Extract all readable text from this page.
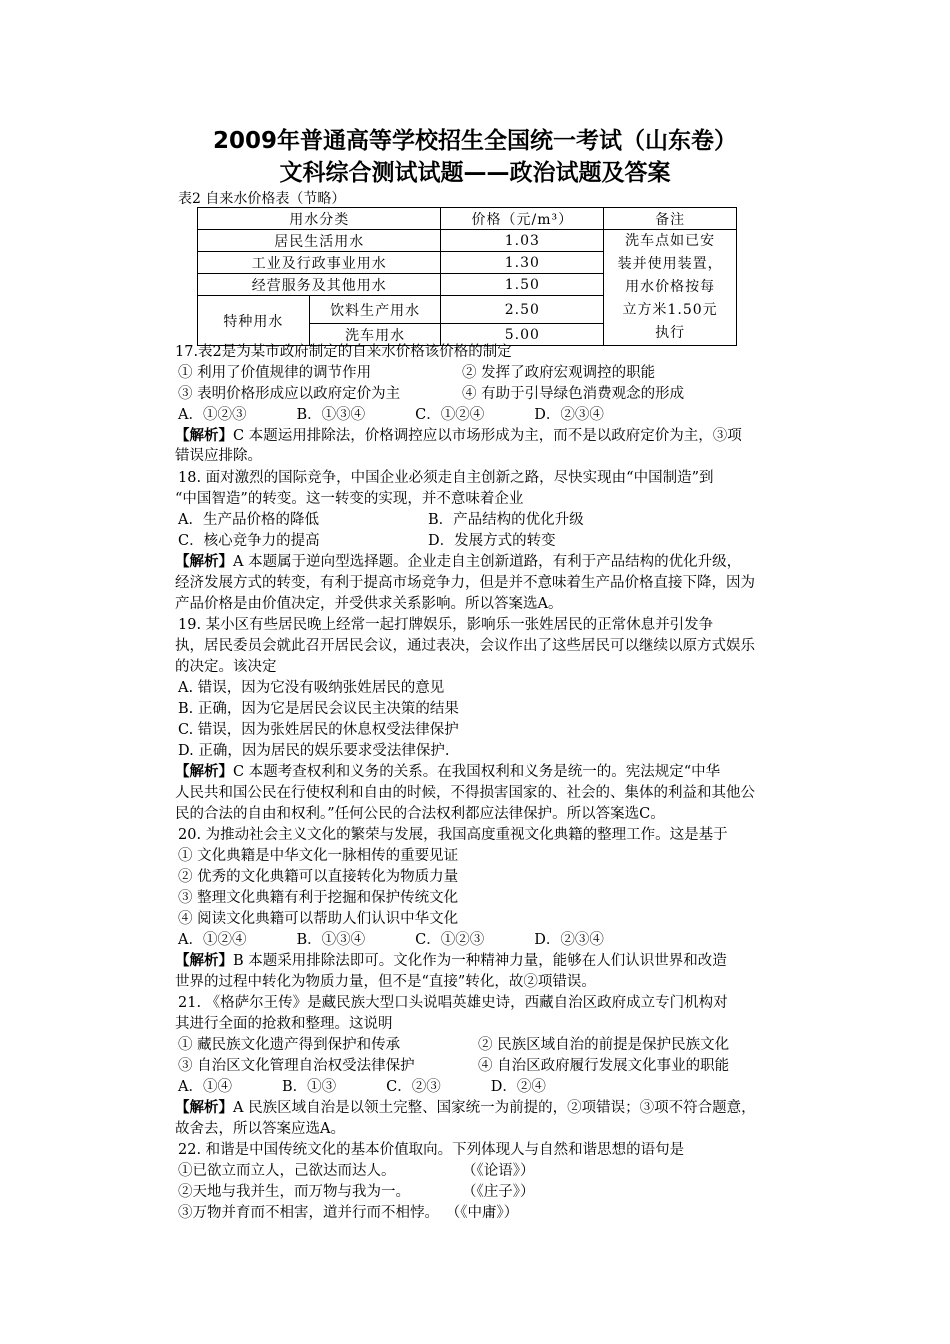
2009年普通高等学校招生全国统一考试（山东卷）
文科综合测试试题——政治试题及答案
表2 自来水价格表（节略）
用水分类		价格（元/m³）	备注
居民生活用水		1.03	洗车点如已安
装并使用装置，
用水价格按每
立方米1.50元
执行

工业及行政事业用水		1.30	
经营服务及其他用水		1.50	
特种用水	饮料生产用水	2.50	
	洗车用水	5.00	
17.表2是为某市政府制定的自来水价格该价格的制定
① 利用了价值规律的调节作用	② 发挥了政府宏观调控的职能
③ 表明价格形成应以政府定价为主	④ 有助于引导绿色消费观念的形成
A．①②③	B．①③④	C．①②④	D．②③④
【解析】C 本题运用排除法，价格调控应以市场形成为主，而不是以政府定价为主，③项
错误应排除。
18. 面对激烈的国际竞争，中国企业必须走自主创新之路，尽快实现由“中国制造”到
“中国智造”的转变。这一转变的实现，并不意味着企业
A．生产品价格的降低	B．产品结构的优化升级
C．核心竞争力的提高	D．发展方式的转变
【解析】A 本题属于逆向型选择题。企业走自主创新道路，有利于产品结构的优化升级，
经济发展方式的转变，有利于提高市场竞争力，但是并不意味着生产品价格直接下降，因为
产品价格是由价值决定，并受供求关系影响。所以答案选A。
19. 某小区有些居民晚上经常一起打牌娱乐，影响乐一张姓居民的正常休息并引发争
执，居民委员会就此召开居民会议，通过表决，会议作出了这些居民可以继续以原方式娱乐
的决定。该决定
A. 错误，因为它没有吸纳张姓居民的意见
B. 正确，因为它是居民会议民主决策的结果
C. 错误，因为张姓居民的休息权受法律保护
D. 正确，因为居民的娱乐要求受法律保护.
【解析】C 本题考查权利和义务的关系。在我国权利和义务是统一的。宪法规定“中华
人民共和国公民在行使权利和自由的时候，不得损害国家的、社会的、集体的利益和其他公
民的合法的自由和权利。”任何公民的合法权利都应法律保护。所以答案选C。
20. 为推动社会主义文化的繁荣与发展，我国高度重视文化典籍的整理工作。这是基于
① 文化典籍是中华文化一脉相传的重要见证
② 优秀的文化典籍可以直接转化为物质力量
③ 整理文化典籍有利于挖掘和保护传统文化
④ 阅读文化典籍可以帮助人们认识中华文化
A．①②④	B．①③④	C．①②③	D．②③④
【解析】B 本题采用排除法即可。文化作为一种精神力量，能够在人们认识世界和改造
世界的过程中转化为物质力量，但不是“直接”转化，故②项错误。
21. 《格萨尔王传》是藏民族大型口头说唱英雄史诗，西藏自治区政府成立专门机构对
其进行全面的抢救和整理。这说明
① 藏民族文化遗产得到保护和传承	② 民族区域自治的前提是保护民族文化
③ 自治区文化管理自治权受法律保护	④ 自治区政府履行发展文化事业的职能
A．①④	B．①③	C．②③	D．②④
【解析】A 民族区域自治是以领土完整、国家统一为前提的，②项错误；③项不符合题意，
故舍去，所以答案应选A。
22. 和谐是中国传统文化的基本价值取向。下列体现人与自然和谐思想的语句是
①已欲立而立人，己欲达而达人。	（《论语》）
②天地与我并生，而万物与我为一。	（《庄子》）
③万物并育而不相害，道并行而不相悖。 （《中庸》）
